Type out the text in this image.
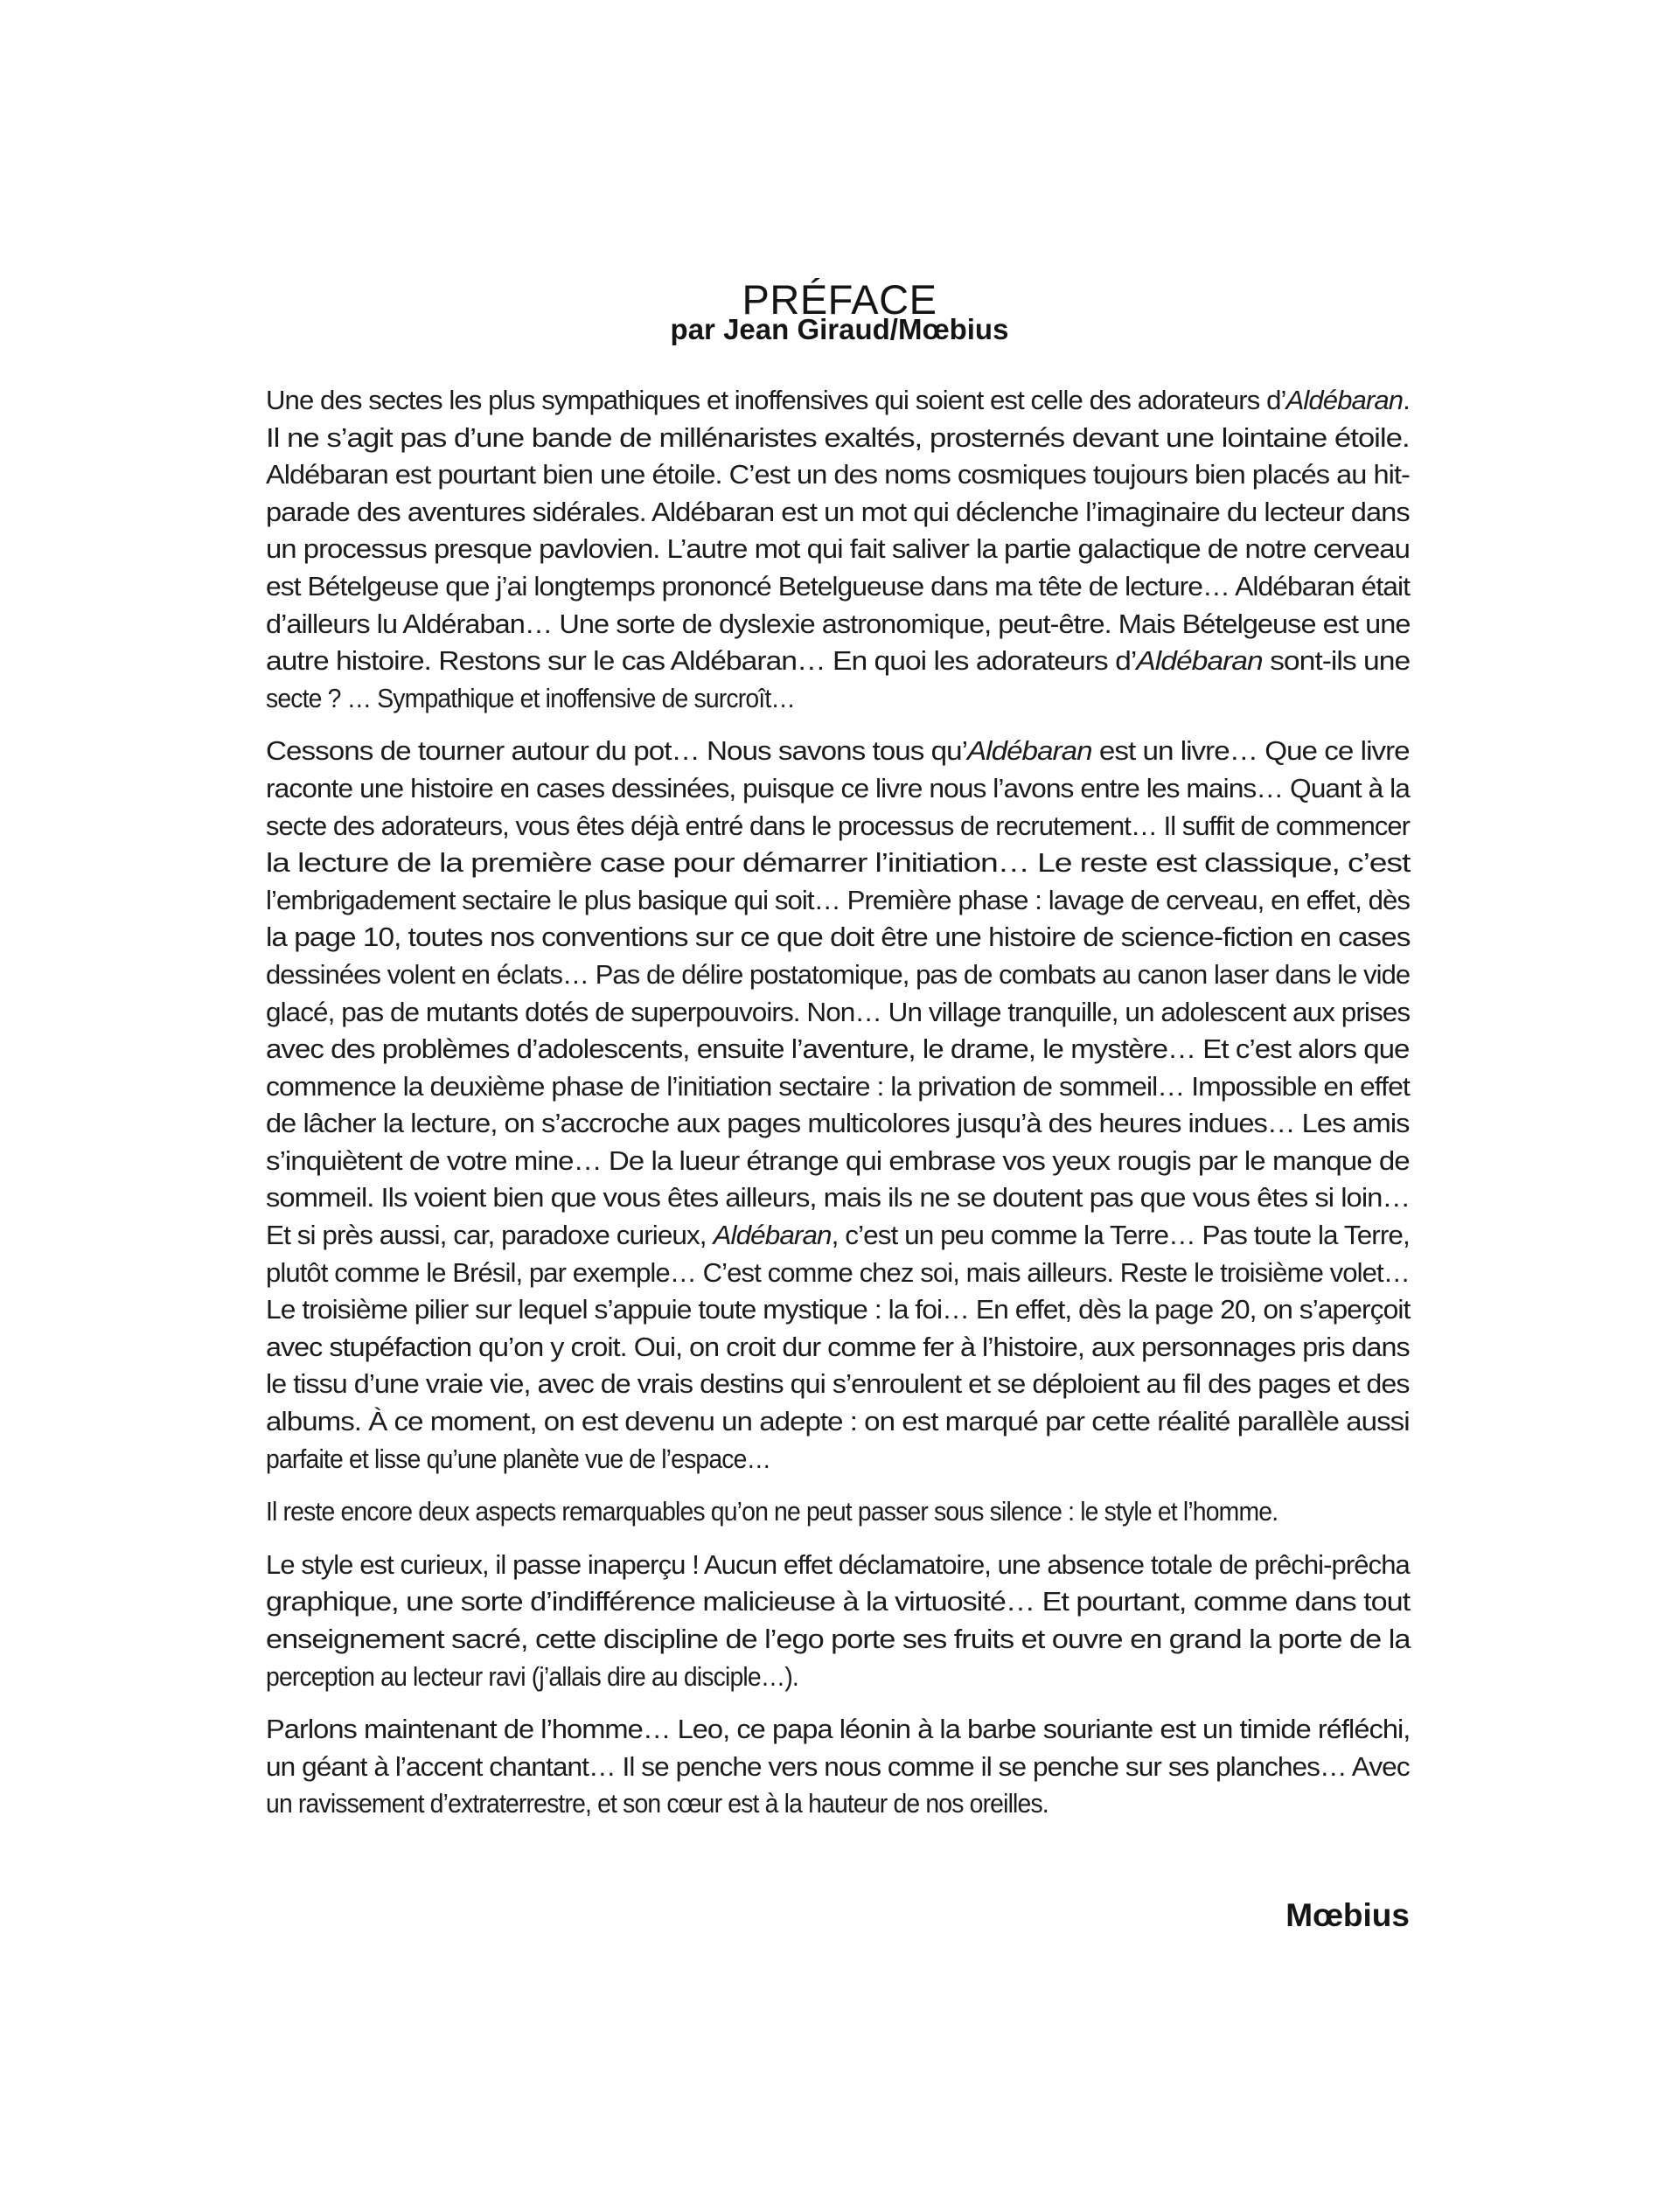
PRÉFACE
par Jean Giraud/Mœbius
Une des sectes les plus sympathiques et inoffensives qui soient est celle des adorateurs d’Aldébaran.
Il ne s’agit pas d’une bande de millénaristes exaltés, prosternés devant une lointaine étoile.
Aldébaran est pourtant bien une étoile. C’est un des noms cosmiques toujours bien placés au hit-
parade des aventures sidérales. Aldébaran est un mot qui déclenche l’imaginaire du lecteur dans
un processus presque pavlovien. L’autre mot qui fait saliver la partie galactique de notre cerveau
est Bételgeuse que j’ai longtemps prononcé Betelgueuse dans ma tête de lecture… Aldébaran était
d’ailleurs lu Aldéraban… Une sorte de dyslexie astronomique, peut-être. Mais Bételgeuse est une
autre histoire. Restons sur le cas Aldébaran… En quoi les adorateurs d’Aldébaran sont-ils une
secte ? … Sympathique et inoffensive de surcroît…
Cessons de tourner autour du pot… Nous savons tous qu’Aldébaran est un livre… Que ce livre
raconte une histoire en cases dessinées, puisque ce livre nous l’avons entre les mains… Quant à la
secte des adorateurs, vous êtes déjà entré dans le processus de recrutement… Il suffit de commencer
la lecture de la première case pour démarrer l’initiation… Le reste est classique, c’est
l’embrigadement sectaire le plus basique qui soit… Première phase : lavage de cerveau, en effet, dès
la page 10, toutes nos conventions sur ce que doit être une histoire de science-fiction en cases
dessinées volent en éclats… Pas de délire postatomique, pas de combats au canon laser dans le vide
glacé, pas de mutants dotés de superpouvoirs. Non… Un village tranquille, un adolescent aux prises
avec des problèmes d’adolescents, ensuite l’aventure, le drame, le mystère… Et c’est alors que
commence la deuxième phase de l’initiation sectaire : la privation de sommeil… Impossible en effet
de lâcher la lecture, on s’accroche aux pages multicolores jusqu’à des heures indues… Les amis
s’inquiètent de votre mine… De la lueur étrange qui embrase vos yeux rougis par le manque de
sommeil. Ils voient bien que vous êtes ailleurs, mais ils ne se doutent pas que vous êtes si loin…
Et si près aussi, car, paradoxe curieux, Aldébaran, c’est un peu comme la Terre… Pas toute la Terre,
plutôt comme le Brésil, par exemple… C’est comme chez soi, mais ailleurs. Reste le troisième volet…
Le troisième pilier sur lequel s’appuie toute mystique : la foi… En effet, dès la page 20, on s’aperçoit
avec stupéfaction qu’on y croit. Oui, on croit dur comme fer à l’histoire, aux personnages pris dans
le tissu d’une vraie vie, avec de vrais destins qui s’enroulent et se déploient au fil des pages et des
albums. À ce moment, on est devenu un adepte : on est marqué par cette réalité parallèle aussi
parfaite et lisse qu’une planète vue de l’espace…
Il reste encore deux aspects remarquables qu’on ne peut passer sous silence : le style et l’homme.
Le style est curieux, il passe inaperçu ! Aucun effet déclamatoire, une absence totale de prêchi-prêcha
graphique, une sorte d’indifférence malicieuse à la virtuosité… Et pourtant, comme dans tout
enseignement sacré, cette discipline de l’ego porte ses fruits et ouvre en grand la porte de la
perception au lecteur ravi (j’allais dire au disciple…).
Parlons maintenant de l’homme… Leo, ce papa léonin à la barbe souriante est un timide réfléchi,
un géant à l’accent chantant… Il se penche vers nous comme il se penche sur ses planches… Avec
un ravissement d’extraterrestre, et son cœur est à la hauteur de nos oreilles.
Mœbius
